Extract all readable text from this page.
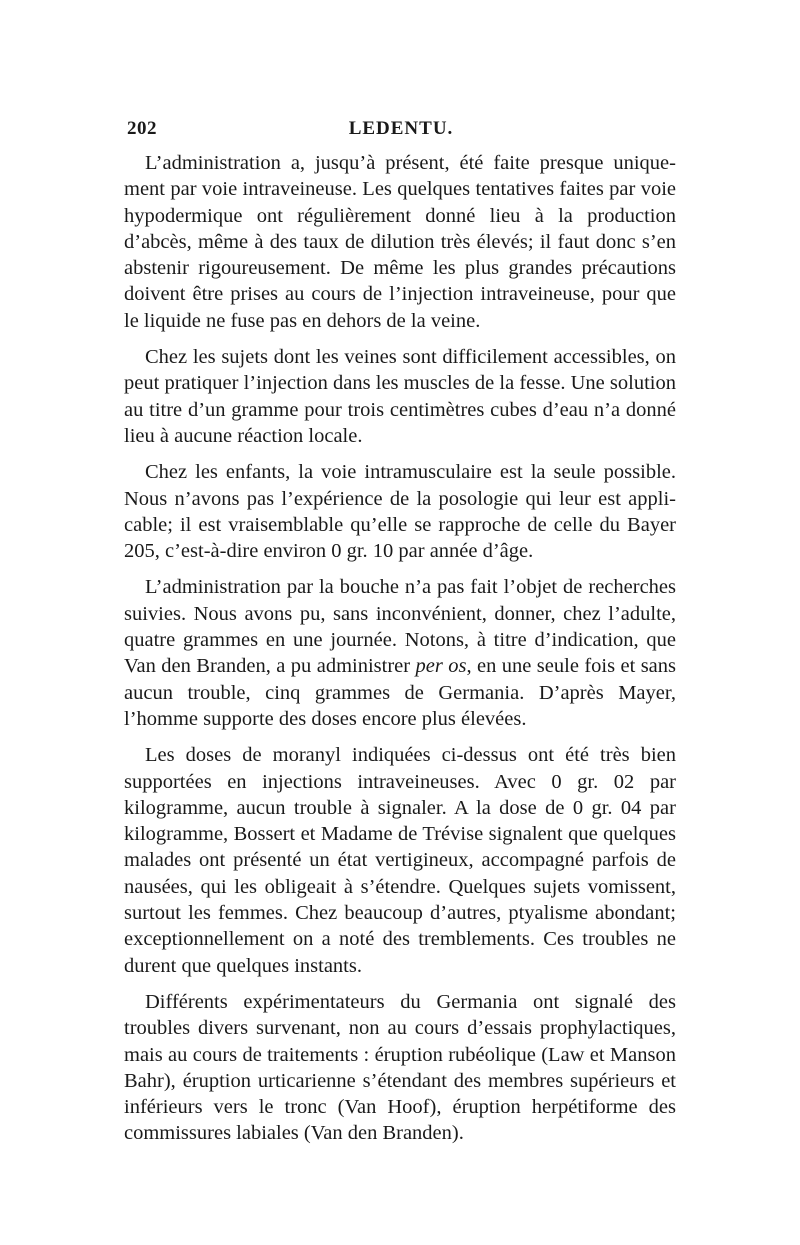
202	LEDENTU.

L’administration a, jusqu’à présent, été faite presque uniquement par voie intraveineuse. Les quelques tentatives faites par voie hypodermique ont régulièrement donné lieu à la production d’abcès, même à des taux de dilution très élevés; il faut donc s’en abstenir rigoureusement. De même les plus grandes précautions doivent être prises au cours de l’injection intraveineuse, pour que le liquide ne fuse pas en dehors de la veine.

Chez les sujets dont les veines sont difficilement accessibles, on peut pratiquer l’injection dans les muscles de la fesse. Une solution au titre d’un gramme pour trois centimètres cubes d’eau n’a donné lieu à aucune réaction locale.

Chez les enfants, la voie intramusculaire est la seule possible. Nous n’avons pas l’expérience de la posologie qui leur est applicable; il est vraisemblable qu’elle se rapproche de celle du Bayer 205, c’est-à-dire environ 0 gr. 10 par année d’âge.

L’administration par la bouche n’a pas fait l’objet de recherches suivies. Nous avons pu, sans inconvénient, donner, chez l’adulte, quatre grammes en une journée. Notons, à titre d’indication, que Van den Branden, a pu administrer per os, en une seule fois et sans aucun trouble, cinq grammes de Germania. D’après Mayer, l’homme supporte des doses encore plus élevées.

Les doses de moranyl indiquées ci-dessus ont été très bien supportées en injections intraveineuses. Avec 0 gr. 02 par kilogramme, aucun trouble à signaler. A la dose de 0 gr. 04 par kilogramme, Bossert et Madame de Trévise signalent que quelques malades ont présenté un état vertigineux, accompagné parfois de nausées, qui les obligeait à s’étendre. Quelques sujets vomissent, surtout les femmes. Chez beaucoup d’autres, ptyalisme abondant; exceptionnellement on a noté des tremblements. Ces troubles ne durent que quelques instants.

Différents expérimentateurs du Germania ont signalé des troubles divers survenant, non au cours d’essais prophylactiques, mais au cours de traitements : éruption rubéolique (Law et Manson Bahr), éruption urticarienne s’étendant des membres supérieurs et inférieurs vers le tronc (Van Hoof), éruption herpétiforme des commissures labiales (Van den Branden).
